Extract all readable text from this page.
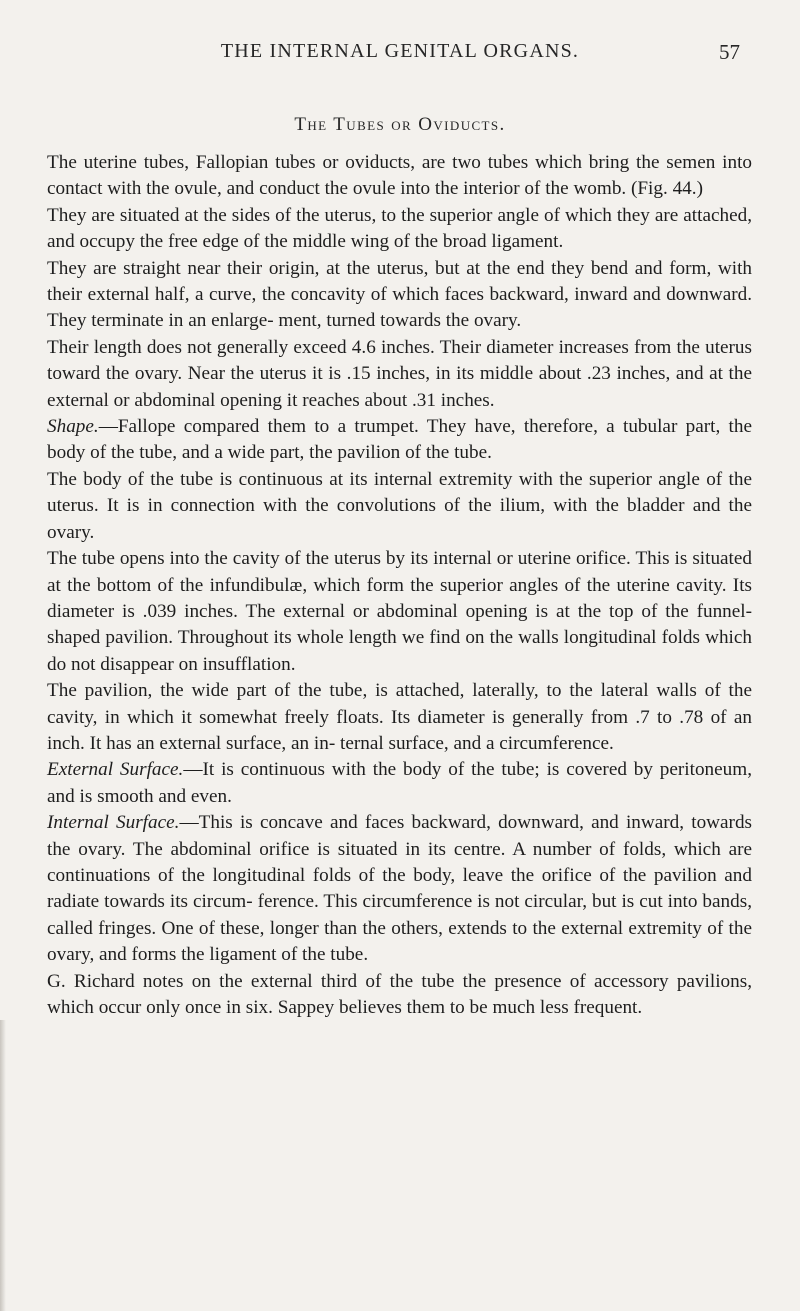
THE INTERNAL GENITAL ORGANS.	57
The Tubes or Oviducts.

The uterine tubes, Fallopian tubes or oviducts, are two tubes which bring the semen into contact with the ovule, and conduct the ovule into the interior of the womb. (Fig. 44.)

They are situated at the sides of the uterus, to the superior angle of which they are attached, and occupy the free edge of the middle wing of the broad ligament.

They are straight near their origin, at the uterus, but at the end they bend and form, with their external half, a curve, the concavity of which faces backward, inward and downward. They terminate in an enlarge- ment, turned towards the ovary.

Their length does not generally exceed 4.6 inches. Their diameter increases from the uterus toward the ovary. Near the uterus it is .15 inches, in its middle about .23 inches, and at the external or abdominal opening it reaches about .31 inches.

Shape.—Fallope compared them to a trumpet. They have, therefore, a tubular part, the body of the tube, and a wide part, the pavilion of the tube.

The body of the tube is continuous at its internal extremity with the superior angle of the uterus. It is in connection with the convolutions of the ilium, with the bladder and the ovary.

The tube opens into the cavity of the uterus by its internal or uterine orifice. This is situated at the bottom of the infundibulæ, which form the superior angles of the uterine cavity. Its diameter is .039 inches. The external or abdominal opening is at the top of the funnel-shaped pavilion. Throughout its whole length we find on the walls longitudinal folds which do not disappear on insufflation.

The pavilion, the wide part of the tube, is attached, laterally, to the lateral walls of the cavity, in which it somewhat freely floats. Its diameter is generally from .7 to .78 of an inch. It has an external surface, an in- ternal surface, and a circumference.

External Surface.—It is continuous with the body of the tube; is covered by peritoneum, and is smooth and even.

Internal Surface.—This is concave and faces backward, downward, and inward, towards the ovary. The abdominal orifice is situated in its centre. A number of folds, which are continuations of the longitudinal folds of the body, leave the orifice of the pavilion and radiate towards its circum- ference. This circumference is not circular, but is cut into bands, called fringes. One of these, longer than the others, extends to the external extremity of the ovary, and forms the ligament of the tube.

G. Richard notes on the external third of the tube the presence of accessory pavilions, which occur only once in six. Sappey believes them to be much less frequent.
